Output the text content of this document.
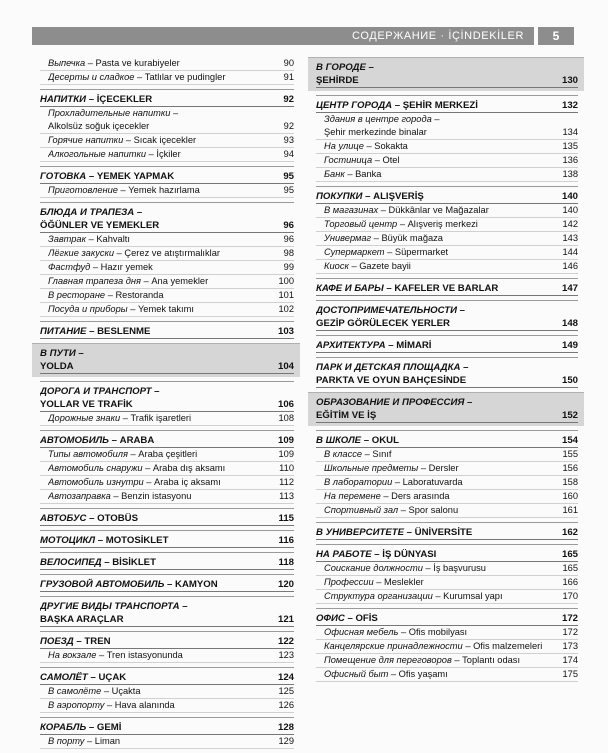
СОДЕРЖАНИЕ · İÇİNDEKİLER	5
Выпечка – Pasta ve kurabiyeler	90
Десерты и сладкое – Tatlılar ve pudingler	91
НАПИТКИ – İÇECEKLER	92
Прохладительные напитки –
Alkolsüz soğuk içecekler	92
Горячие напитки – Sıcak içecekler	93
Алкогольные напитки – İçkiler	94
ГОТОВКА – YEMEK YAPMAK	95
Приготовление – Yemek hazırlama	95
БЛЮДА И ТРАПЕЗА –
ÖĞÜNLER VE YEMEKLER	96
Завтрак – Kahvaltı	96
Лёгкие закуски – Çerez ve atıştırmalıklar	98
Фастфуд – Hazır yemek	99
Главная трапеза дня – Ana yemekler	100
В ресторане – Restoranda	101
Посуда и приборы – Yemek takımı	102
ПИТАНИЕ – BESLENME	103
В ПУТИ –
YOLDA	104
ДОРОГА И ТРАНСПОРТ –
YOLLAR VE TRAFİK	106
Дорожные знаки – Trafik işaretleri	108
АВТОМОБИЛЬ – ARABA	109
Типы автомобиля – Araba çeşitleri	109
Автомобиль снаружи – Araba dış aksamı	110
Автомобиль изнутри – Araba iç aksamı	112
Автозаправка – Benzin istasyonu	113
АВТОБУС – OTOBÜS	115
МОТОЦИКЛ – MOTOSİKLET	116
ВЕЛОСИПЕД – BİSİKLET	118
ГРУЗОВОЙ АВТОМОБИЛЬ – KAMYON	120
ДРУГИЕ ВИДЫ ТРАНСПОРТА –
BAŞKA ARAÇLAR	121
ПОЕЗД – TREN	122
На вокзале – Tren istasyonunda	123
САМОЛЁТ – UÇAK	124
В самолёте – Uçakta	125
В аэропорту – Hava alanında	126
КОРАБЛЬ – GEMİ	128
В порту – Liman	129
В ГОРОДЕ –
ŞEHİRDE	130
ЦЕНТР ГОРОДА – ŞEHİR MERKEZİ	132
Здания в центре города –
Şehir merkezinde binalar	134
На улице – Sokakta	135
Гостиница – Otel	136
Банк – Banka	138
ПОКУПКИ – ALIŞVERİŞ	140
В магазинах – Dükkânlar ve Mağazalar	140
Торговый центр – Alışveriş merkezi	142
Универмаг – Büyük mağaza	143
Супермаркет – Süpermarket	144
Киоск – Gazete bayii	146
КАФЕ И БАРЫ – KAFELER VE BARLAR	147
ДОСТОПРИМЕЧАТЕЛЬНОСТИ –
GEZİP GÖRÜLECEK YERLER	148
АРХИТЕКТУРА – MİMARİ	149
ПАРК И ДЕТСКАЯ ПЛОЩАДКА –
PARKTA VE OYUN BAHÇESİNDE	150
ОБРАЗОВАНИЕ И ПРОФЕССИЯ –
EĞİTİM VE İŞ	152
В ШКОЛЕ – OKUL	154
В классе – Sınıf	155
Школьные предметы – Dersler	156
В лаборатории – Laboratuvarda	158
На перемене – Ders arasında	160
Спортивный зал – Spor salonu	161
В УНИВЕРСИТЕТЕ – ÜNİVERSİTE	162
НА РАБОТЕ – İŞ DÜNYASI	165
Соискание должности – İş başvurusu	165
Профессии – Meslekler	166
Структура организации – Kurumsal yapı	170
ОФИС – OFİS	172
Офисная мебель – Ofis mobilyası	172
Канцелярские принадлежности – Ofis malzemeleri	173
Помещение для переговоров – Toplantı odası	174
Офисный быт – Ofis yaşamı	175
